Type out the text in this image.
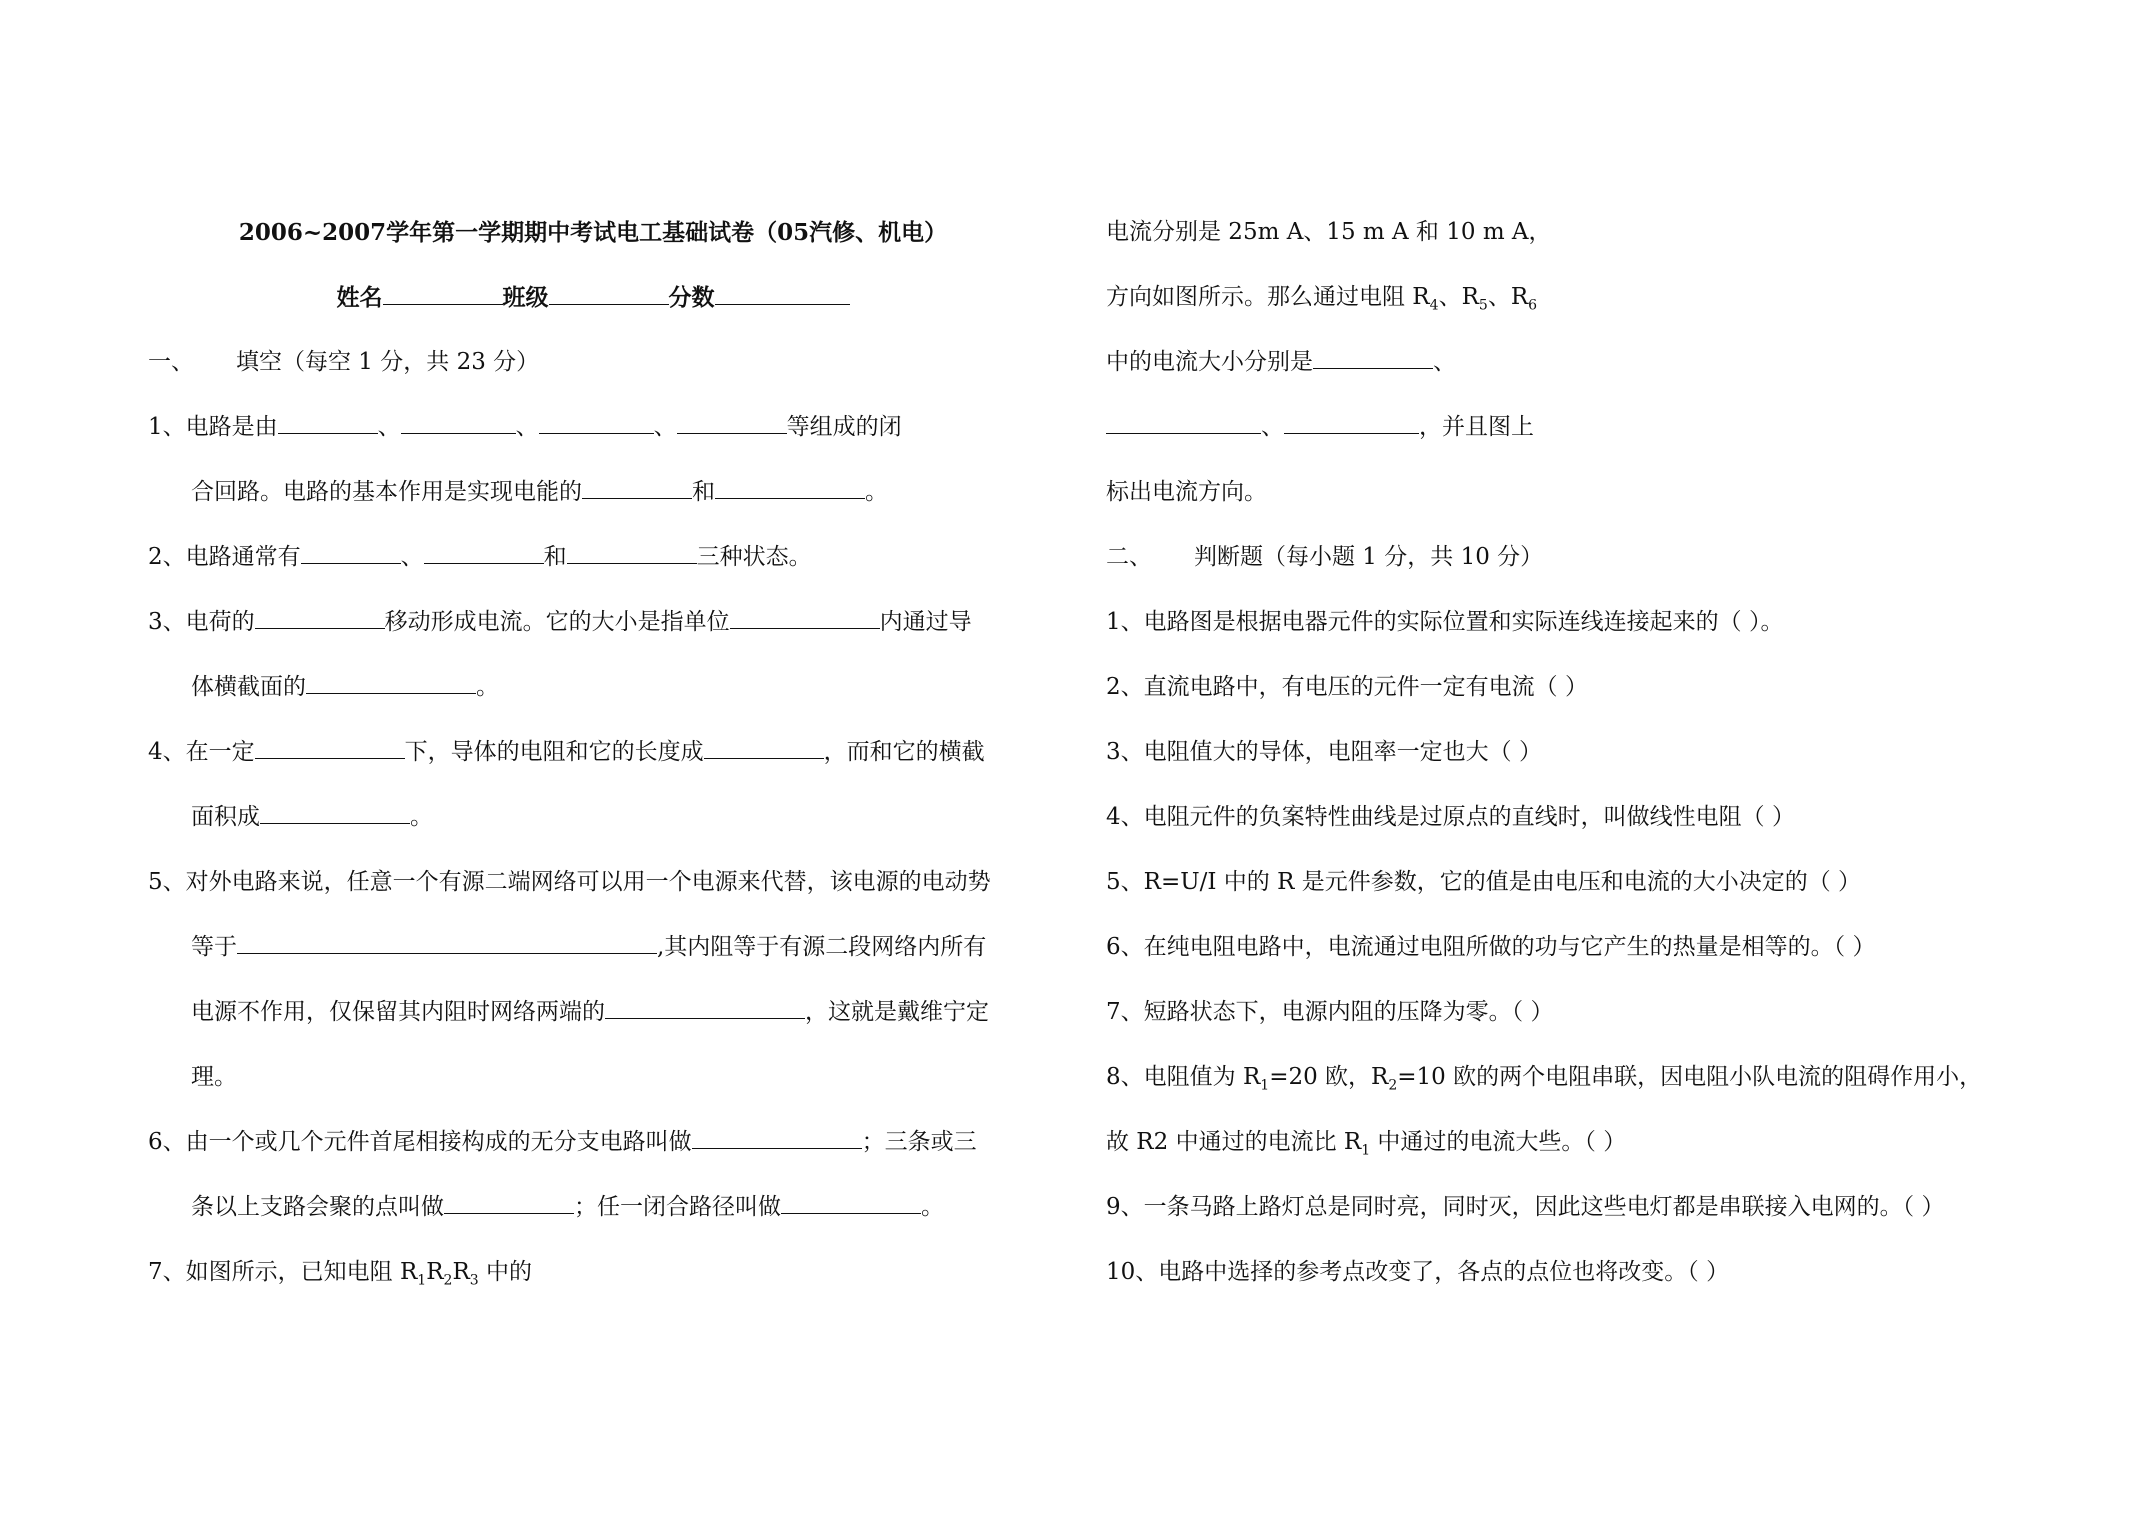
2006~2007学年第一学期期中考试电工基础试卷（05汽修、机电）
姓名	班级	分数
一、 填空（每空 1 分，共 23 分）
1、电路是由	、	、	、	等组成的闭
合回路。电路的基本作用是实现电能的	和	。
2、电路通常有	、	和	三种状态。
3、电荷的	移动形成电流。它的大小是指单位	内通过导
体横截面的	。
4、在一定	下，导体的电阻和它的长度成	，而和它的横截
面积成	。
5、对外电路来说，任意一个有源二端网络可以用一个电源来代替，该电源的电动势
等于	,其内阻等于有源二段网络内所有
电源不作用，仅保留其内阻时网络两端的	，这就是戴维宁定
理。
6、由一个或几个元件首尾相接构成的无分支电路叫做	；三条或三
条以上支路会聚的点叫做	；任一闭合路径叫做	。
7、如图所示，已知电阻 $R_1R_2R_3$ 中的
电流分别是 25m A、15 m A 和 10 m A，
方向如图所示。那么通过电阻 $R_4$、$R_5$、$R_6$
中的电流大小分别是	、
、	，并且图上
标出电流方向。
二、 判断题（每小题 1 分，共 10 分）
1、电路图是根据电器元件的实际位置和实际连线连接起来的（ ）。
2、直流电路中，有电压的元件一定有电流（ ）
3、电阻值大的导体，电阻率一定也大（ ）
4、电阻元件的负案特性曲线是过原点的直线时，叫做线性电阻（ ）
5、R=U/I 中的 R 是元件参数，它的值是由电压和电流的大小决定的（ ）
6、在纯电阻电路中，电流通过电阻所做的功与它产生的热量是相等的。（ ）
7、短路状态下，电源内阻的压降为零。（ ）
8、电阻值为 $R_1=20$ 欧，$R_2=10$ 欧的两个电阻串联，因电阻小队电流的阻碍作用小，
故 R2 中通过的电流比 $R_1$ 中通过的电流大些。（ ）
9、一条马路上路灯总是同时亮，同时灭，因此这些电灯都是串联接入电网的。（ ）
10、电路中选择的参考点改变了，各点的点位也将改变。（ ）
